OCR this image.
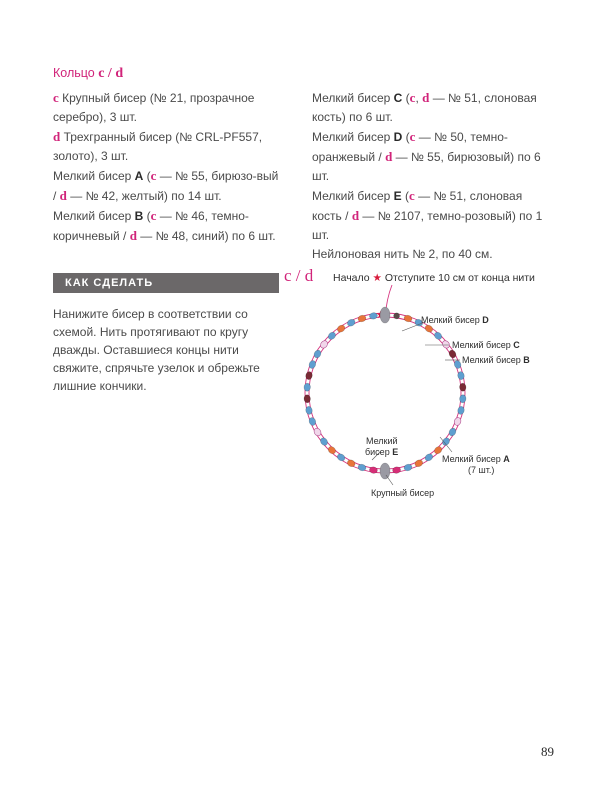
Кольцо c / d

c Крупный бисер (№ 21, прозрачное серебро), 3 шт.

d Трехгранный бисер (№ CRL-PF557, золото), 3 шт.

Мелкий бисер A (c — № 55, бирюзо-вый / d — № 42, желтый) по 14 шт.

Мелкий бисер B (c — № 46, темно-коричневый / d — № 48, синий) по 6 шт.

Мелкий бисер C (c, d — № 51, слоновая кость) по 6 шт.

Мелкий бисер D (c — № 50, темно-оранжевый / d — № 55, бирюзовый) по 6 шт.

Мелкий бисер E (c — № 51, слоновая кость / d — № 2107, темно-розовый) по 1 шт.

Нейлоновая нить № 2, по 40 см.

КАК СДЕЛАТЬ
Нанижите бисер в соответствии со схемой. Нить протягивают по кругу дважды. Оставшиеся концы нити свяжите, спрячьте узелок и обрежьте лишние кончики.
c / d Начало ★ Отступите 10 см от конца нити
Мелкий бисер D
Мелкий бисер C
Мелкий бисер B
Мелкий бисер A
(7 шт.)
Мелкий
бисер E
Крупный бисер
89
